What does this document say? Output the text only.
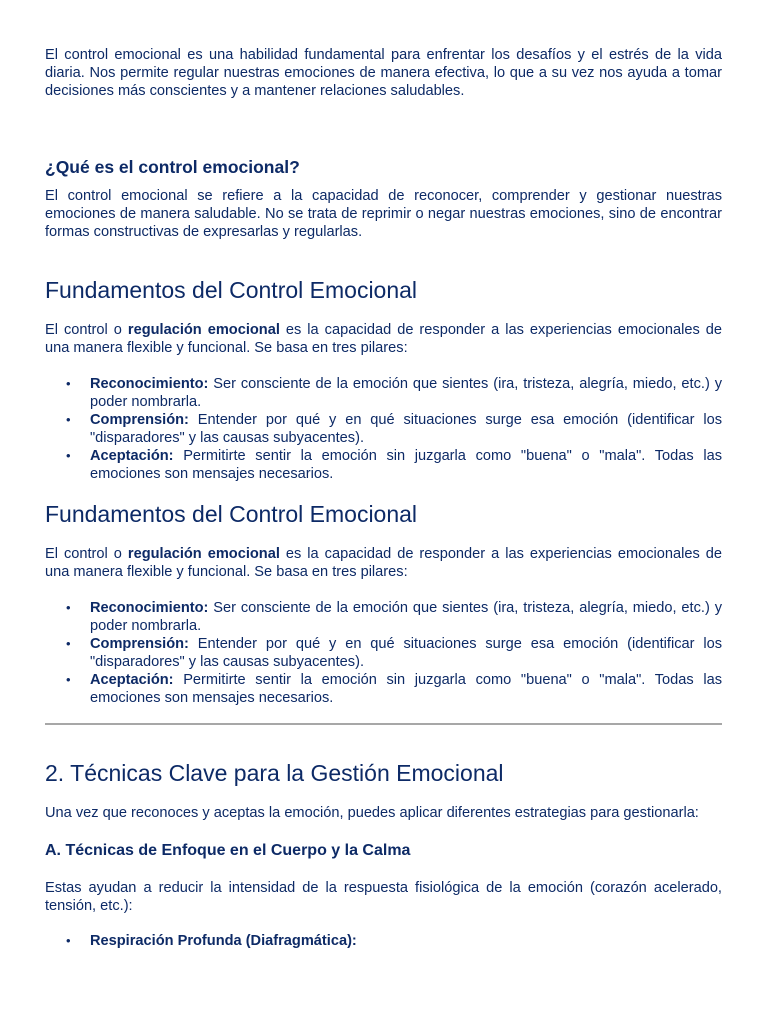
El control emocional es una habilidad fundamental para enfrentar los desafíos y el estrés de la vida diaria. Nos permite regular nuestras emociones de manera efectiva, lo que a su vez nos ayuda a tomar decisiones más conscientes y a mantener relaciones saludables.

¿Qué es el control emocional?

El control emocional se refiere a la capacidad de reconocer, comprender y gestionar nuestras emociones de manera saludable. No se trata de reprimir o negar nuestras emociones, sino de encontrar formas constructivas de expresarlas y regularlas.

Fundamentos del Control Emocional

El control o regulación emocional es la capacidad de responder a las experiencias emocionales de una manera flexible y funcional. Se basa en tres pilares:

• Reconocimiento: Ser consciente de la emoción que sientes (ira, tristeza, alegría, miedo, etc.) y poder nombrarla.
• Comprensión: Entender por qué y en qué situaciones surge esa emoción (identificar los "disparadores" y las causas subyacentes).
• Aceptación: Permitirte sentir la emoción sin juzgarla como "buena" o "mala". Todas las emociones son mensajes necesarios.
Fundamentos del Control Emocional

El control o regulación emocional es la capacidad de responder a las experiencias emocionales de una manera flexible y funcional. Se basa en tres pilares:

• Reconocimiento: Ser consciente de la emoción que sientes (ira, tristeza, alegría, miedo, etc.) y poder nombrarla.
• Comprensión: Entender por qué y en qué situaciones surge esa emoción (identificar los "disparadores" y las causas subyacentes).
• Aceptación: Permitirte sentir la emoción sin juzgarla como "buena" o "mala". Todas las emociones son mensajes necesarios.
2. Técnicas Clave para la Gestión Emocional

Una vez que reconoces y aceptas la emoción, puedes aplicar diferentes estrategias para gestionarla:

A. Técnicas de Enfoque en el Cuerpo y la Calma

Estas ayudan a reducir la intensidad de la respuesta fisiológica de la emoción (corazón acelerado, tensión, etc.):

• Respiración Profunda (Diafragmática):
